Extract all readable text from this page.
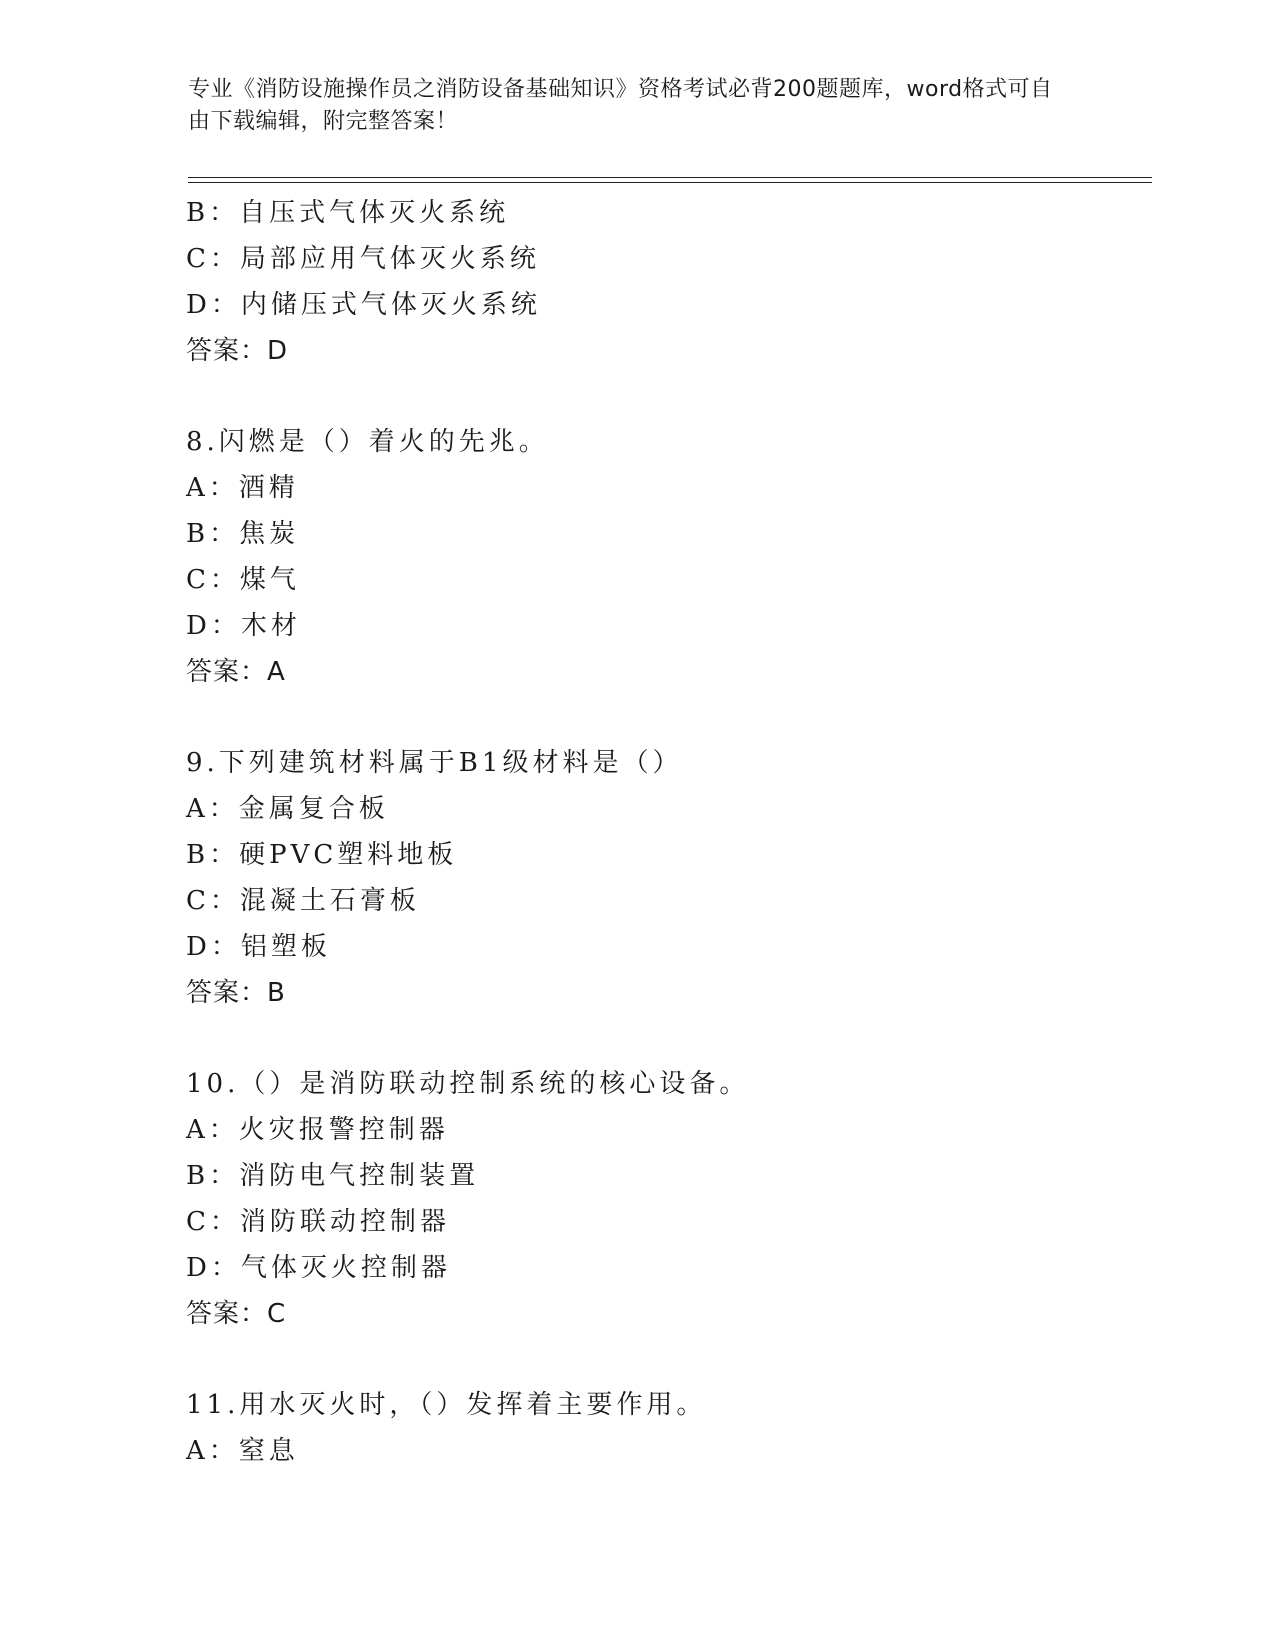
专业《消防设施操作员之消防设备基础知识》资格考试必背200题题库，word格式可自由下载编辑，附完整答案！
B：自压式气体灭火系统
C：局部应用气体灭火系统
D：内储压式气体灭火系统
答案：D
8.闪燃是（）着火的先兆。
A：酒精
B：焦炭
C：煤气
D：木材
答案：A
9.下列建筑材料属于B1级材料是（）
A：金属复合板
B：硬PVC塑料地板
C：混凝土石膏板
D：铝塑板
答案：B
10.（）是消防联动控制系统的核心设备。
A：火灾报警控制器
B：消防电气控制装置
C：消防联动控制器
D：气体灭火控制器
答案：C
11.用水灭火时，（）发挥着主要作用。
A：窒息
